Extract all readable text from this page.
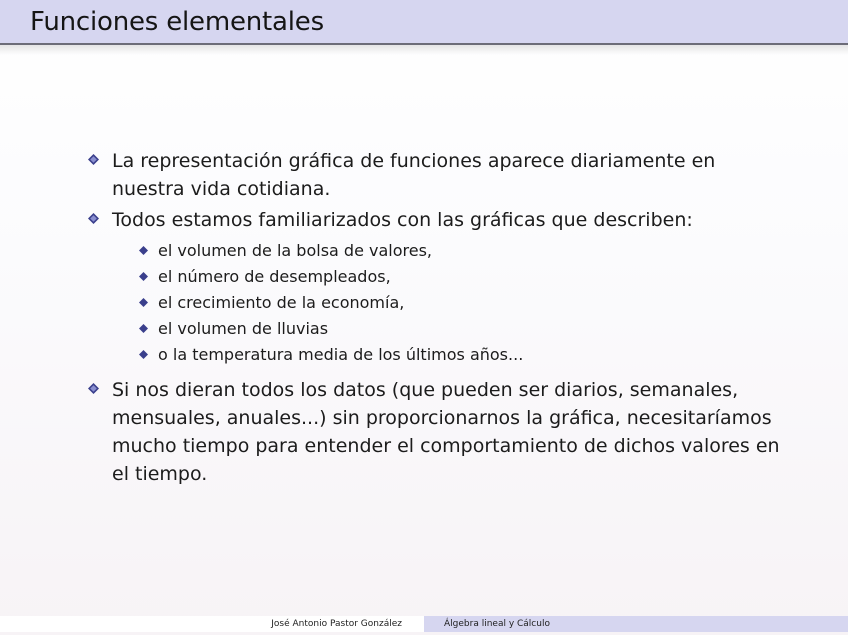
Funciones elementales
La representación gráfica de funciones aparece diariamente en nuestra vida cotidiana.
Todos estamos familiarizados con las gráficas que describen:
el volumen de la bolsa de valores,
el número de desempleados,
el crecimiento de la economía,
el volumen de lluvias
o la temperatura media de los últimos años...
Si nos dieran todos los datos (que pueden ser diarios, semanales, mensuales, anuales...) sin proporcionarnos la gráfica, necesitaríamos mucho tiempo para entender el comportamiento de dichos valores en el tiempo.
José Antonio Pastor González	Álgebra lineal y Cálculo
